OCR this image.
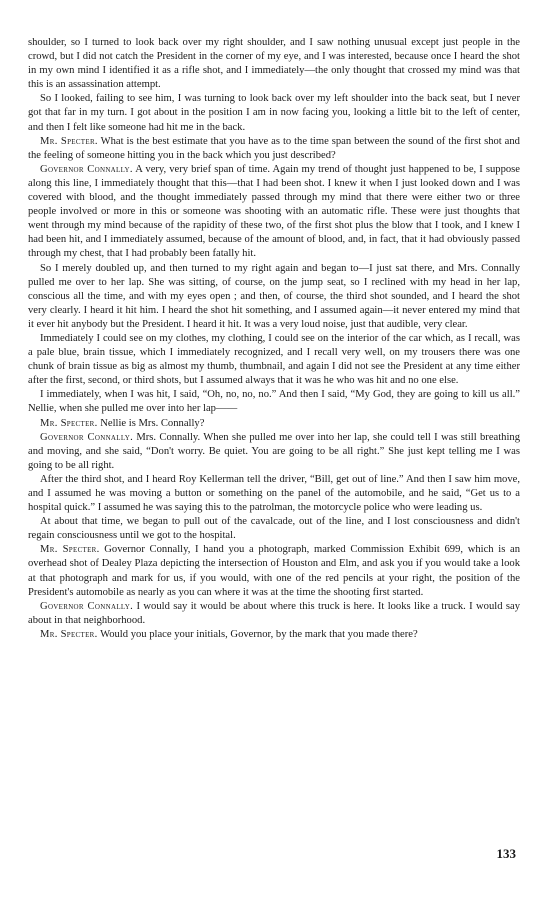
shoulder, so I turned to look back over my right shoulder, and I saw nothing unusual except just people in the crowd, but I did not catch the President in the corner of my eye, and I was interested, because once I heard the shot in my own mind I identified it as a rifle shot, and I immediately—the only thought that crossed my mind was that this is an assassination attempt.

So I looked, failing to see him, I was turning to look back over my left shoulder into the back seat, but I never got that far in my turn. I got about in the position I am in now facing you, looking a little bit to the left of center, and then I felt like someone had hit me in the back.

Mr. Specter. What is the best estimate that you have as to the time span between the sound of the first shot and the feeling of someone hitting you in the back which you just described?

Governor Connally. A very, very brief span of time. Again my trend of thought just happened to be, I suppose along this line, I immediately thought that this—that I had been shot. I knew it when I just looked down and I was covered with blood, and the thought immediately passed through my mind that there were either two or three people involved or more in this or someone was shooting with an automatic rifle. These were just thoughts that went through my mind because of the rapidity of these two, of the first shot plus the blow that I took, and I knew I had been hit, and I immediately assumed, because of the amount of blood, and, in fact, that it had obviously passed through my chest, that I had probably been fatally hit.

So I merely doubled up, and then turned to my right again and began to—I just sat there, and Mrs. Connally pulled me over to her lap. She was sitting, of course, on the jump seat, so I reclined with my head in her lap, conscious all the time, and with my eyes open ; and then, of course, the third shot sounded, and I heard the shot very clearly. I heard it hit him. I heard the shot hit something, and I assumed again—it never entered my mind that it ever hit anybody but the President. I heard it hit. It was a very loud noise, just that audible, very clear.

Immediately I could see on my clothes, my clothing, I could see on the interior of the car which, as I recall, was a pale blue, brain tissue, which I immediately recognized, and I recall very well, on my trousers there was one chunk of brain tissue as big as almost my thumb, thumbnail, and again I did not see the President at any time either after the first, second, or third shots, but I assumed always that it was he who was hit and no one else.

I immediately, when I was hit, I said, “Oh, no, no, no.” And then I said, “My God, they are going to kill us all.” Nellie, when she pulled me over into her lap——

Mr. Specter. Nellie is Mrs. Connally?

Governor Connally. Mrs. Connally. When she pulled me over into her lap, she could tell I was still breathing and moving, and she said, “Don't worry. Be quiet. You are going to be all right.” She just kept telling me I was going to be all right.

After the third shot, and I heard Roy Kellerman tell the driver, “Bill, get out of line.” And then I saw him move, and I assumed he was moving a button or something on the panel of the automobile, and he said, “Get us to a hospital quick.” I assumed he was saying this to the patrolman, the motorcycle police who were leading us.

At about that time, we began to pull out of the cavalcade, out of the line, and I lost consciousness and didn't regain consciousness until we got to the hospital.

Mr. Specter. Governor Connally, I hand you a photograph, marked Commission Exhibit 699, which is an overhead shot of Dealey Plaza depicting the intersection of Houston and Elm, and ask you if you would take a look at that photograph and mark for us, if you would, with one of the red pencils at your right, the position of the President's automobile as nearly as you can where it was at the time the shooting first started.

Governor Connally. I would say it would be about where this truck is here. It looks like a truck. I would say about in that neighborhood.

Mr. Specter. Would you place your initials, Governor, by the mark that you made there?

133
